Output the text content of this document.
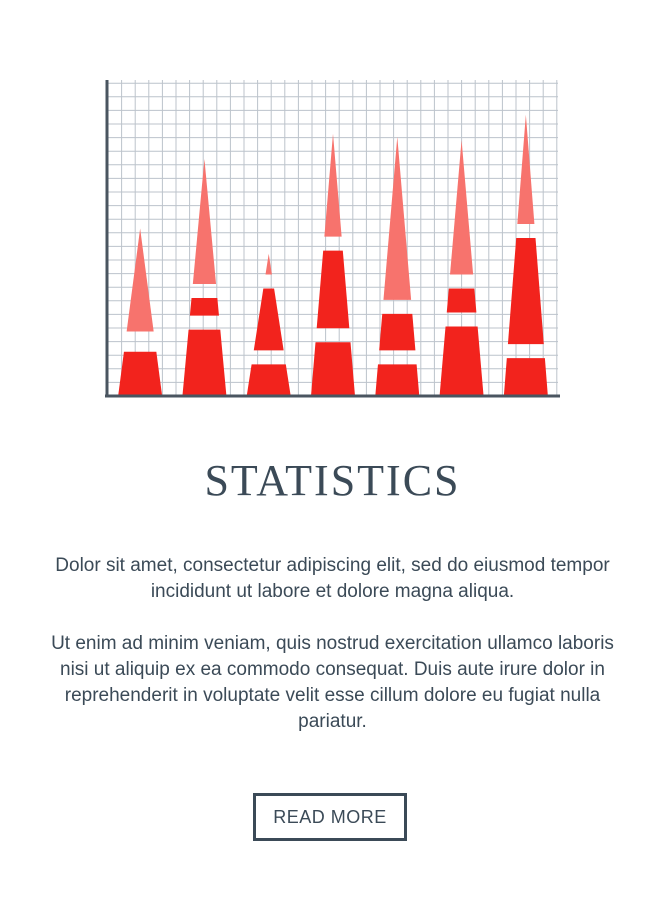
STATISTICS
Dolor sit amet, consectetur adipiscing elit, sed do eiusmod tempor incididunt ut labore et dolore magna aliqua.
Ut enim ad minim veniam, quis nostrud exercitation ullamco laboris nisi ut aliquip ex ea commodo consequat. Duis aute irure dolor in reprehenderit in voluptate velit esse cillum dolore eu fugiat nulla pariatur.
READ MORE
